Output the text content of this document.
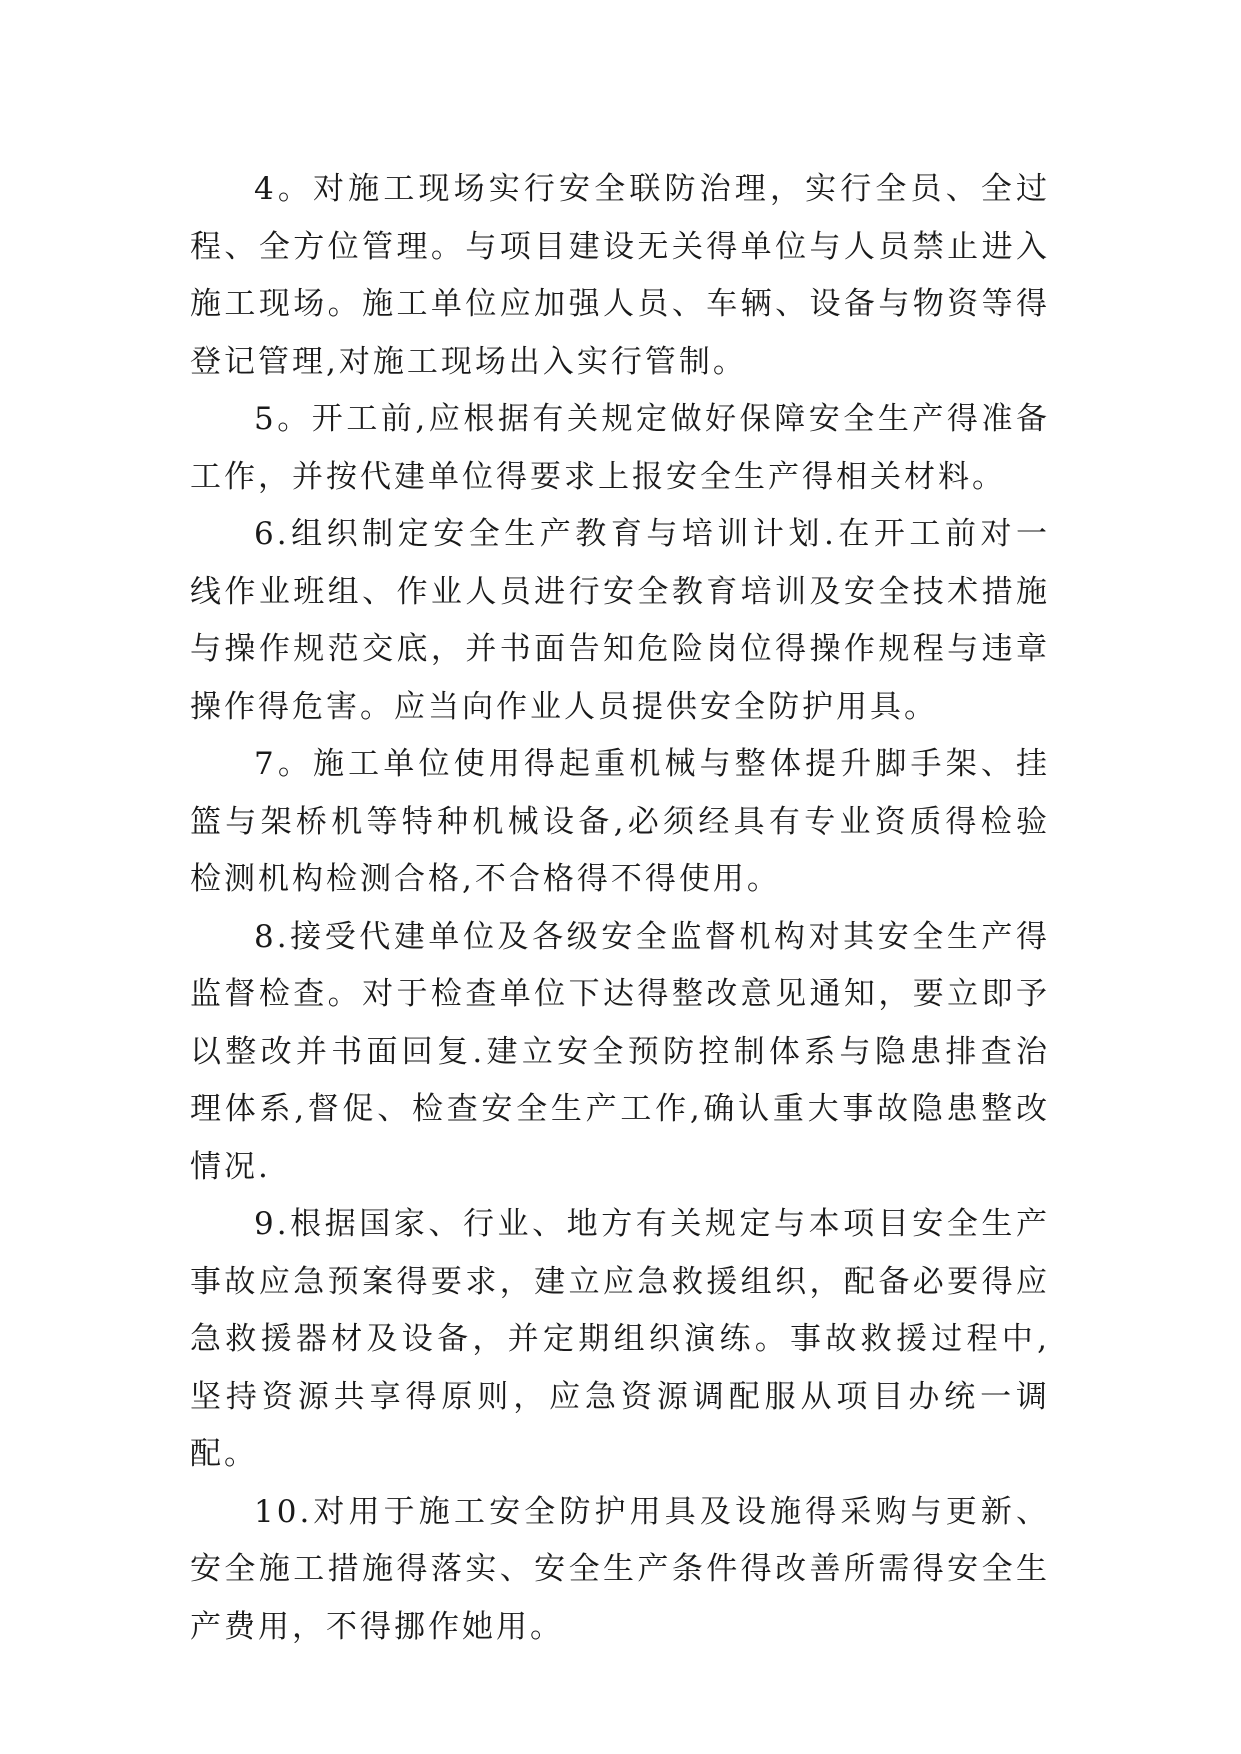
4。对施工现场实行安全联防治理，实行全员、全过程、全方位管理。与项目建设无关得单位与人员禁止进入施工现场。施工单位应加强人员、车辆、设备与物资等得登记管理,对施工现场出入实行管制。

5。开工前,应根据有关规定做好保障安全生产得准备工作，并按代建单位得要求上报安全生产得相关材料。

6.组织制定安全生产教育与培训计划.在开工前对一线作业班组、作业人员进行安全教育培训及安全技术措施与操作规范交底，并书面告知危险岗位得操作规程与违章操作得危害。应当向作业人员提供安全防护用具。

7。施工单位使用得起重机械与整体提升脚手架、挂篮与架桥机等特种机械设备,必须经具有专业资质得检验检测机构检测合格,不合格得不得使用。

8.接受代建单位及各级安全监督机构对其安全生产得监督检查。对于检查单位下达得整改意见通知，要立即予以整改并书面回复.建立安全预防控制体系与隐患排查治理体系,督促、检查安全生产工作,确认重大事故隐患整改情况.

9.根据国家、行业、地方有关规定与本项目安全生产事故应急预案得要求，建立应急救援组织，配备必要得应急救援器材及设备，并定期组织演练。事故救援过程中,坚持资源共享得原则，应急资源调配服从项目办统一调配。

10.对用于施工安全防护用具及设施得采购与更新、安全施工措施得落实、安全生产条件得改善所需得安全生产费用，不得挪作她用。
